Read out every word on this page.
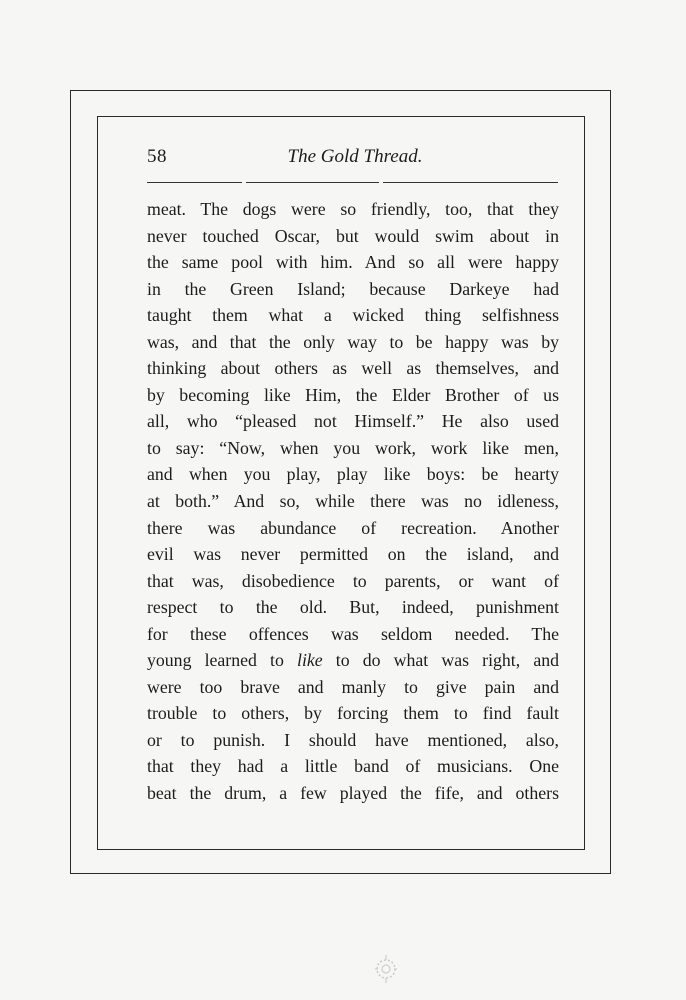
58	The Gold Thread.
meat. The dogs were so friendly, too, that they
never touched Oscar, but would swim about in
the same pool with him. And so all were happy
in the Green Island; because Darkeye had
taught them what a wicked thing selfishness
was, and that the only way to be happy was by
thinking about others as well as themselves, and
by becoming like Him, the Elder Brother of us
all, who “pleased not Himself.” He also used
to say: “Now, when you work, work like men,
and when you play, play like boys: be hearty
at both.” And so, while there was no idleness,
there was abundance of recreation. Another
evil was never permitted on the island, and
that was, disobedience to parents, or want of
respect to the old. But, indeed, punishment
for these offences was seldom needed. The
young learned to like to do what was right, and
were too brave and manly to give pain and
trouble to others, by forcing them to find fault
or to punish. I should have mentioned, also,
that they had a little band of musicians. One
beat the drum, a few played the fife, and others
